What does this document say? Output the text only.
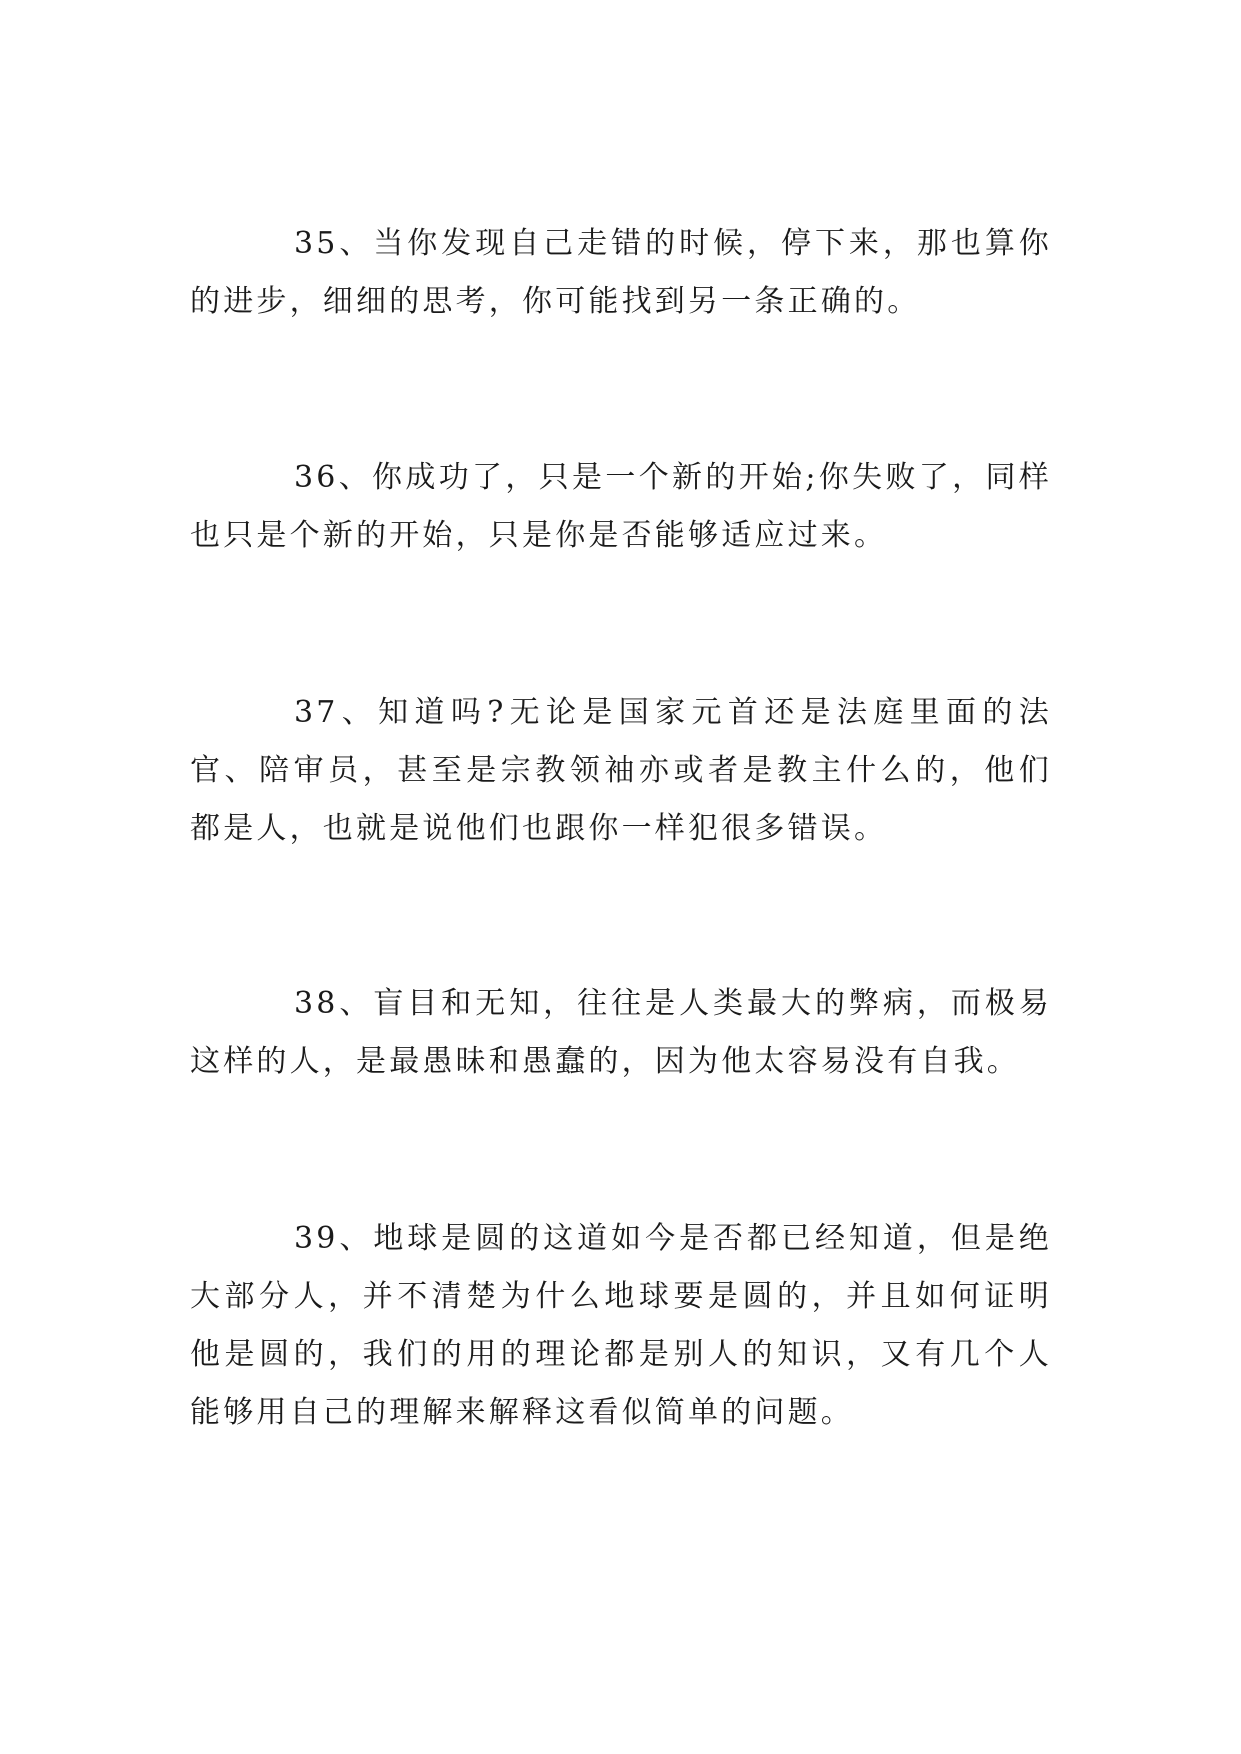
35、当你发现自己走错的时候，停下来，那也算你的进步，细细的思考，你可能找到另一条正确的。

36、你成功了，只是一个新的开始;你失败了，同样也只是个新的开始，只是你是否能够适应过来。

37、知道吗?无论是国家元首还是法庭里面的法官、陪审员，甚至是宗教领袖亦或者是教主什么的，他们都是人，也就是说他们也跟你一样犯很多错误。

38、盲目和无知，往往是人类最大的弊病，而极易这样的人，是最愚昧和愚蠢的，因为他太容易没有自我。

39、地球是圆的这道如今是否都已经知道，但是绝大部分人，并不清楚为什么地球要是圆的，并且如何证明他是圆的，我们的用的理论都是别人的知识，又有几个人能够用自己的理解来解释这看似简单的问题。
